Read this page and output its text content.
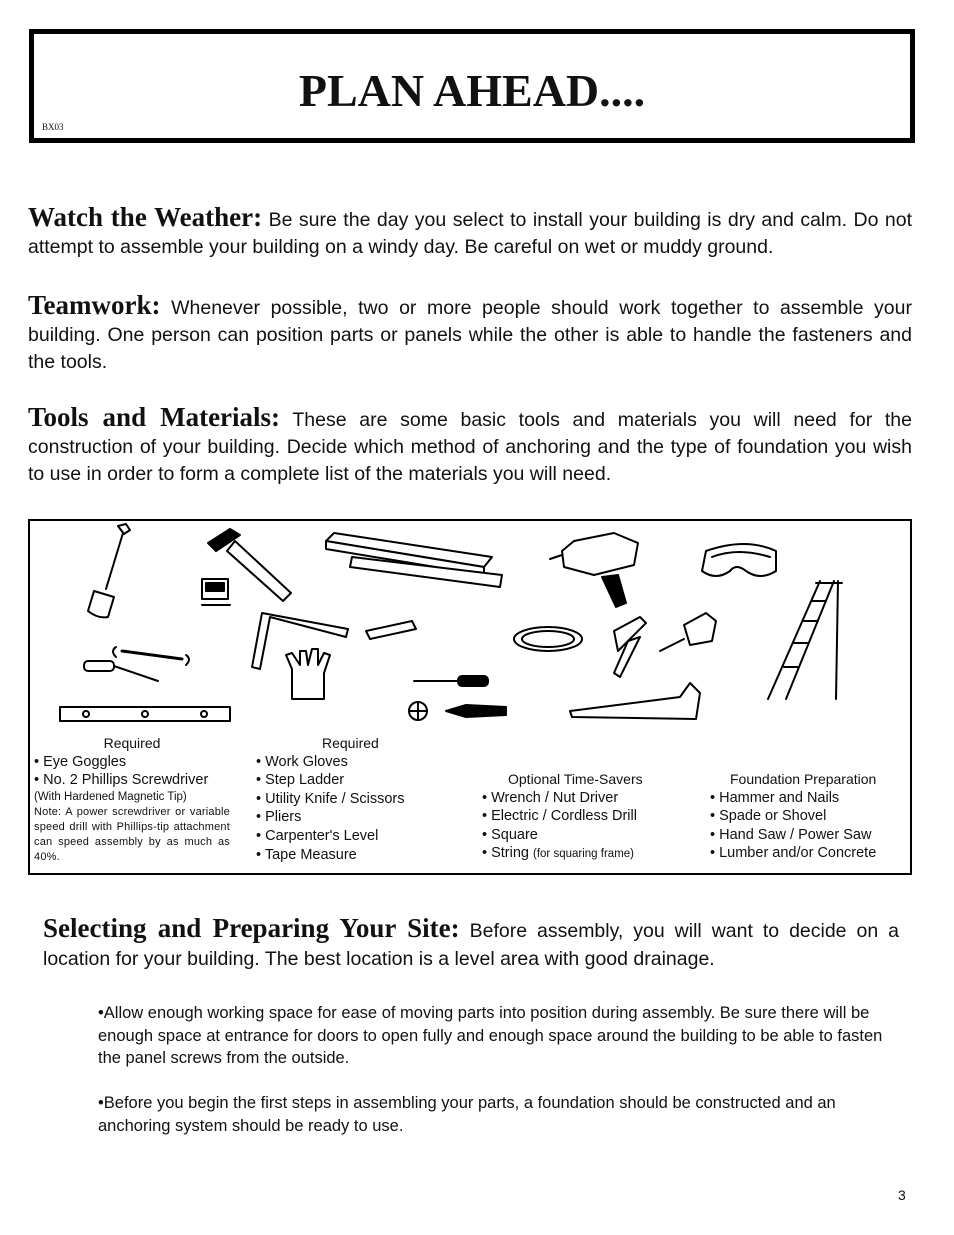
PLAN AHEAD....
BX03
Watch the Weather: Be sure the day you select to install your building is dry and calm. Do not attempt to assemble your building on a windy day. Be careful on wet or muddy ground.
Teamwork: Whenever possible, two or more people should work together to assemble your building. One person can position parts or panels while the other is able to handle the fasteners and the tools.
Tools and Materials: These are some basic tools and materials you will need for the construction of your building. Decide which method of anchoring and the type of foundation you wish to use in order to form a complete list of the materials you will need.
Required
• Eye Goggles
• No. 2 Phillips Screwdriver
(With Hardened Magnetic Tip)
Note: A power screwdriver or variable speed drill with Phillips-tip attachment can speed assembly by as much as 40%.
Required
• Work Gloves
• Step Ladder
• Utility Knife / Scissors
• Pliers
• Carpenter's Level
• Tape Measure
Optional Time-Savers
• Wrench / Nut Driver
• Electric / Cordless Drill
• Square
• String (for squaring frame)
Foundation Preparation
• Hammer and Nails
• Spade or Shovel
• Hand Saw / Power Saw
• Lumber and/or Concrete
Selecting and Preparing Your Site: Before assembly, you will want to decide on a location for your building. The best location is a level area with good drainage.
•Allow enough working space for ease of moving parts into position during assembly. Be sure there will be enough space at entrance for doors to open fully and enough space around the building to be able to fasten the panel screws from the outside.
•Before you begin the first steps in assembling your parts, a foundation should be constructed and an anchoring system should be ready to use.
3
